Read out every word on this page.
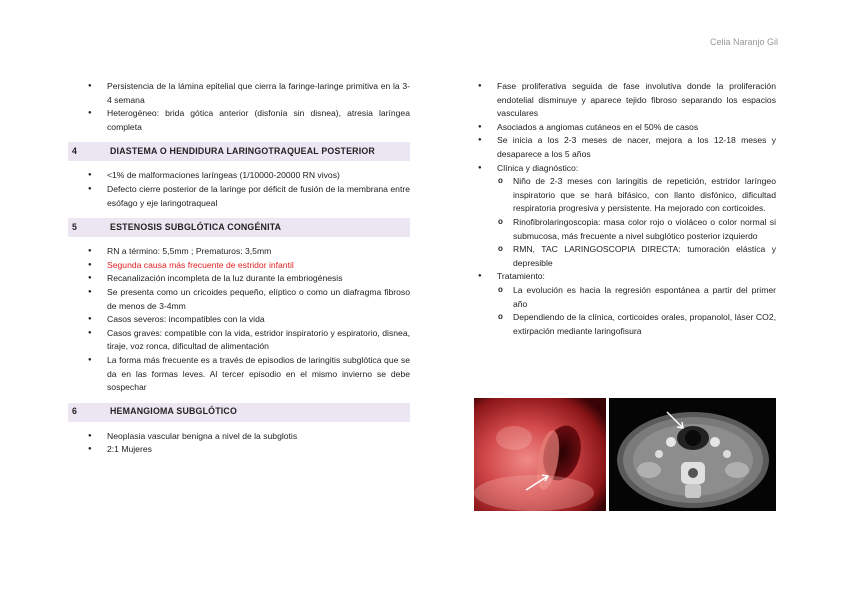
Celia Naranjo Gil
● Persistencia de la lámina epitelial que cierra la faringe-laringe primitiva en la 3-4 semana
● Heterogéneo: brida gótica anterior (disfonía sin disnea), atresia laríngea completa
4	DIASTEMA O HENDIDURA LARINGOTRAQUEAL POSTERIOR
● <1% de malformaciones laríngeas (1/10000-20000 RN vivos)
● Defecto cierre posterior de la laringe por déficit de fusión de la membrana entre esófago y eje laringotraqueal
5	ESTENOSIS SUBGLÓTICA CONGÉNITA
● RN a término: 5,5mm ; Prematuros: 3,5mm
● Segunda causa más frecuente de estridor infantil
● Recanalización incompleta de la luz durante la embriogénesis
● Se presenta como un cricoides pequeño, elíptico o como un diafragma fibroso de menos de 3-4mm
● Casos severos: incompatibles con la vida
● Casos graves: compatible con la vida, estridor inspiratorio y espiratorio, disnea, tiraje, voz ronca, dificultad de alimentación
● La forma más frecuente es a través de episodios de laringitis subglótica que se da en las formas leves. Al tercer episodio en el mismo invierno se debe sospechar
6	HEMANGIOMA SUBGLÓTICO
● Neoplasia vascular benigna a nivel de la subglotis
● 2:1 Mujeres
● Fase proliferativa seguida de fase involutiva donde la proliferación endotelial disminuye y aparece tejido fibroso separando los espacios vasculares
● Asociados a angiomas cutáneos en el 50% de casos
● Se inicia a los 2-3 meses de nacer, mejora a los 12-18 meses y desaparece a los 5 años
● Clínica y diagnóstico:
o Niño de 2-3 meses con laringitis de repetición, estridor laríngeo inspiratorio que se hará bifásico, con llanto disfónico, dificultad respiratoria progresiva y persistente. Ha mejorado con corticoides.
o Rinofibrolaringoscopia: masa color rojo o violáceo o color normal si submucosa, más frecuente a nivel subglótico posterior izquierdo
o RMN, TAC LARINGOSCOPIA DIRECTA: tumoración elástica y depresible
● Tratamiento:
o La evolución es hacia la regresión espontánea a partir del primer año
o Dependiendo de la clínica, corticoides orales, propanolol, láser CO2, extirpación mediante laringofisura
